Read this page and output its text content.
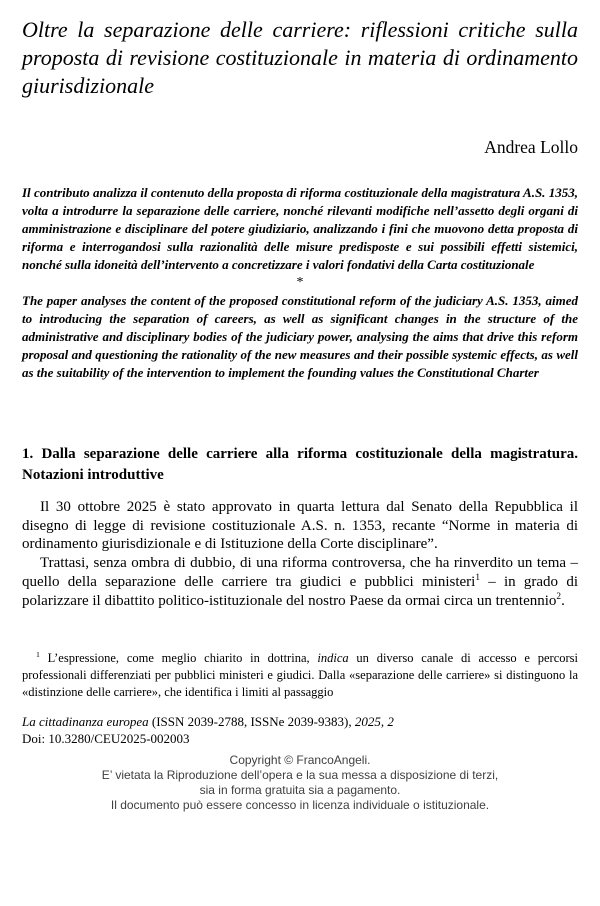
Oltre la separazione delle carriere: riflessioni critiche sulla proposta di revisione costituzionale in materia di ordinamento giurisdizionale
Andrea Lollo

Il contributo analizza il contenuto della proposta di riforma costituzionale della magistratura A.S. 1353, volta a introdurre la separazione delle carriere, nonché rilevanti modifiche nell’assetto degli organi di amministrazione e disciplinare del potere giudiziario, analizzando i fini che muovono detta proposta di riforma e interrogandosi sulla razionalità delle misure predisposte e sui possibili effetti sistemici, nonché sulla idoneità dell’intervento a concretizzare i valori fondativi della Carta costituzionale

*

The paper analyses the content of the proposed constitutional reform of the judiciary A.S. 1353, aimed to introducing the separation of careers, as well as significant changes in the structure of the administrative and disciplinary bodies of the judiciary power, analysing the aims that drive this reform proposal and questioning the rationality of the new measures and their possible systemic effects, as well as the suitability of the intervention to implement the founding values the Constitutional Charter

1. Dalla separazione delle carriere alla riforma costituzionale della magistratura. Notazioni introduttive

Il 30 ottobre 2025 è stato approvato in quarta lettura dal Senato della Repubblica il disegno di legge di revisione costituzionale A.S. n. 1353, recante “Norme in materia di ordinamento giurisdizionale e di Istituzione della Corte disciplinare”.

Trattasi, senza ombra di dubbio, di una riforma controversa, che ha rinverdito un tema – quello della separazione delle carriere tra giudici e pubblici ministeri$^1$ – in grado di polarizzare il dibattito politico-istituzionale del nostro Paese da ormai circa un trentennio$^2$.

$^1$ L’espressione, come meglio chiarito in dottrina, indica un diverso canale di accesso e percorsi professionali differenziati per pubblici ministeri e giudici. Dalla «separazione delle carriere» si distinguono la «distinzione delle carriere», che identifica i limiti al passaggio

La cittadinanza europea (ISSN 2039-2788, ISSNe 2039-9383), 2025, 2

Doi: 10.3280/CEU2025-002003

Copyright © FrancoAngeli.
E’ vietata la Riproduzione dell’opera e la sua messa a disposizione di terzi,
sia in forma gratuita sia a pagamento.
Il documento può essere concesso in licenza individuale o istituzionale.
